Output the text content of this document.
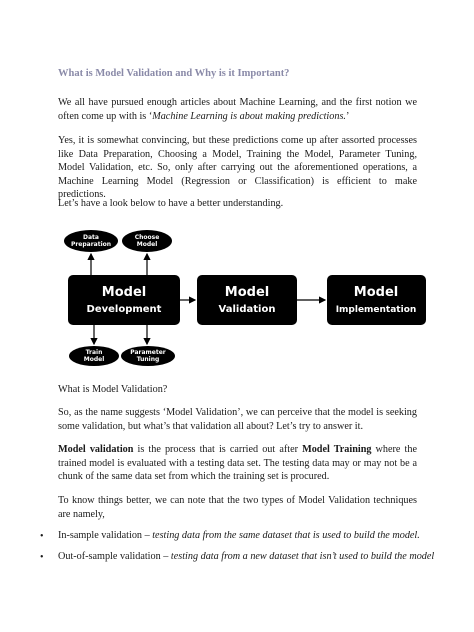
What is Model Validation and Why is it Important?

We all have pursued enough articles about Machine Learning, and the first notion we often come up with is ‘Machine Learning is about making predictions.’

Yes, it is somewhat convincing, but these predictions come up after assorted processes like Data Preparation, Choosing a Model, Training the Model, Parameter Tuning, Model Validation, etc. So, only after carrying out the aforementioned operations, a Machine Learning Model (Regression or Classification) is efficient to make predictions.

Let’s have a look below to have a better understanding.

Data
Preparation
Choose
Model
Model
Development
Model
Validation
Model
Implementation
Train
Model
Parameter
Tuning

What is Model Validation?

So, as the name suggests ‘Model Validation’, we can perceive that the model is seeking some validation, but what’s that validation all about? Let’s try to answer it.

Model validation is the process that is carried out after Model Training where the trained model is evaluated with a testing data set. The testing data may or may not be a chunk of the same data set from which the training set is procured.

To know things better, we can note that the two types of Model Validation techniques are namely,

• In-sample validation – testing data from the same dataset that is used to build the model.
• Out-of-sample validation – testing data from a new dataset that isn’t used to build the model
